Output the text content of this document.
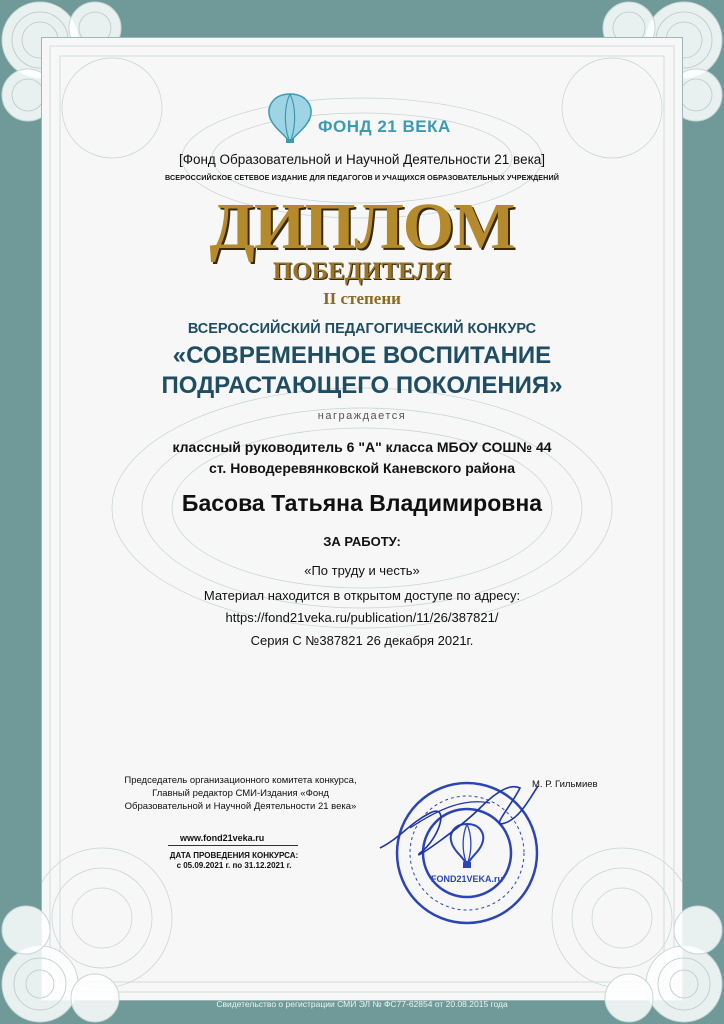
ФОНД 21 ВЕКА
[Фонд Образовательной и Научной Деятельности 21 века]
ВСЕРОССИЙСКОЕ СЕТЕВОЕ ИЗДАНИЕ ДЛЯ ПЕДАГОГОВ И УЧАЩИХСЯ ОБРАЗОВАТЕЛЬНЫХ УЧРЕЖДЕНИЙ
ДИПЛОМ
ПОБЕДИТЕЛЯ
II степени
ВСЕРОССИЙСКИЙ ПЕДАГОГИЧЕСКИЙ КОНКУРС
«СОВРЕМЕННОЕ ВОСПИТАНИЕ
ПОДРАСТАЮЩЕГО ПОКОЛЕНИЯ»
награждается
классный руководитель 6 "А" класса МБОУ СОШ№ 44
ст. Новодеревянковской Каневского района
Басова Татьяна Владимировна
ЗА РАБОТУ:
«По труду и честь»
Материал находится в открытом доступе по адресу:
https://fond21veka.ru/publication/11/26/387821/
Серия С №387821 26 декабря 2021г.
Председатель организационного комитета конкурса,
Главный редактор СМИ-Издания «Фонд
Образовательной и Научной Деятельности 21 века»
www.fond21veka.ru
ДАТА ПРОВЕДЕНИЯ КОНКУРСА:
с 05.09.2021 г. по 31.12.2021 г.
М. Р. Гильмиев
FOND21VEKA.ru
Свидетельство о регистрации СМИ ЭЛ № ФС77-62854 от 20.08.2015 года
